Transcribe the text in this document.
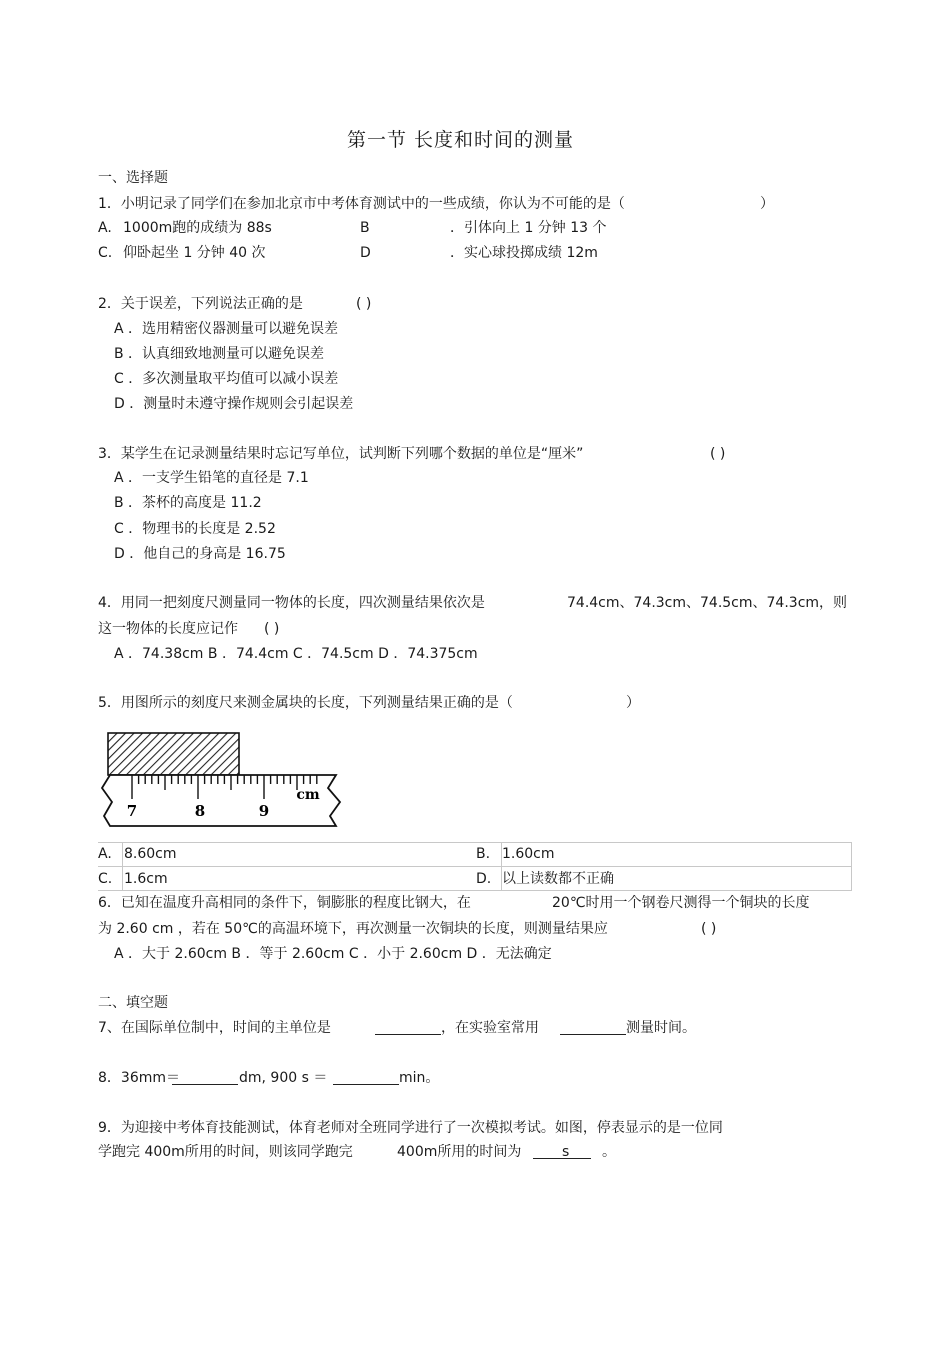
第一节 长度和时间的测量
一、选择题
1．小明记录了同学们在参加北京市中考体育测试中的一些成绩，你认为不可能的是（	）
A. 1000m跑的成绩为 88s	B	．引体向上 1 分钟 13 个
C. 仰卧起坐 1 分钟 40 次	D	．实心球投掷成绩 12m
2．关于误差，下列说法正确的是	( )
A ．选用精密仪器测量可以避免误差
B ．认真细致地测量可以避免误差
C ．多次测量取平均值可以减小误差
D ．测量时未遵守操作规则会引起误差
3．某学生在记录测量结果时忘记写单位，试判断下列哪个数据的单位是“厘米”	( )
A ．一支学生铅笔的直径是 7.1
B ．茶杯的高度是 11.2
C ．物理书的长度是 2.52
D ．他自己的身高是 16.75
4．用同一把刻度尺测量同一物体的长度，四次测量结果依次是	74.4cm、74.3cm、74.5cm、74.3cm，则
这一物体的长度应记作 ( )
A ．74.38cm B ．74.4cm C ．74.5cm D ．74.375cm
5．用图所示的刻度尺来测金属块的长度，下列测量结果正确的是（	）
7	8	9
cm
A. 8.60cm	B. 1.60cm
C. 1.6cm	D. 以上读数都不正确
6．已知在温度升高相同的条件下，铜膨胀的程度比钢大，在	20℃时用一个钢卷尺测得一个铜块的长度
为 2.60 cm ，若在 50℃的高温环境下，再次测量一次铜块的长度，则测量结果应	( )
A ．大于 2.60cm B ．等于 2.60cm C ．小于 2.60cm D ．无法确定
二、填空题
7、在国际单位制中，时间的主单位是	，在实验室常用	测量时间。
8．36mm＝	dm, 900 s ＝	min。
9．为迎接中考体育技能测试，体育老师对全班同学进行了一次模拟考试。如图，停表显示的是一位同
学跑完 400m所用的时间，则该同学跑完	400m所用的时间为	s 。
